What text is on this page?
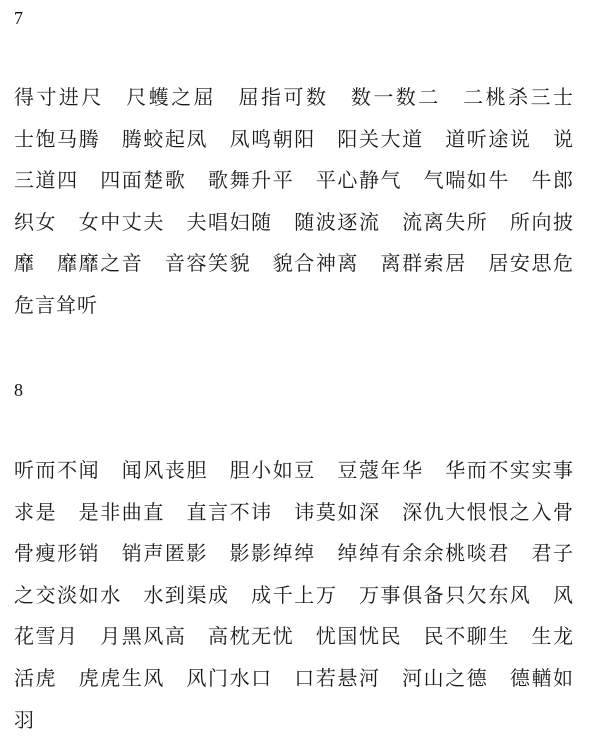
7

得寸进尺　尺蠖之屈　屈指可数　数一数二　二桃杀三士　士饱马腾　腾蛟起凤　凤鸣朝阳　阳关大道　道听途说　说三道四　四面楚歌　歌舞升平　平心静气　气喘如牛　牛郎织女　女中丈夫　夫唱妇随　随波逐流　流离失所　所向披靡　靡靡之音　音容笑貌　貌合神离　离群索居　居安思危　危言耸听

8

听而不闻　闻风丧胆　胆小如豆　豆蔻年华　华而不实实事求是　是非曲直　直言不讳　讳莫如深　深仇大恨恨之入骨　骨瘦形销　销声匿影　影影绰绰　绰绰有余余桃啖君　君子之交淡如水　水到渠成　成千上万　万事俱备只欠东风　风花雪月　月黑风高　高枕无忧　忧国忧民　民不聊生　生龙活虎　虎虎生风　风门水口　口若悬河　河山之德　德輶如羽
